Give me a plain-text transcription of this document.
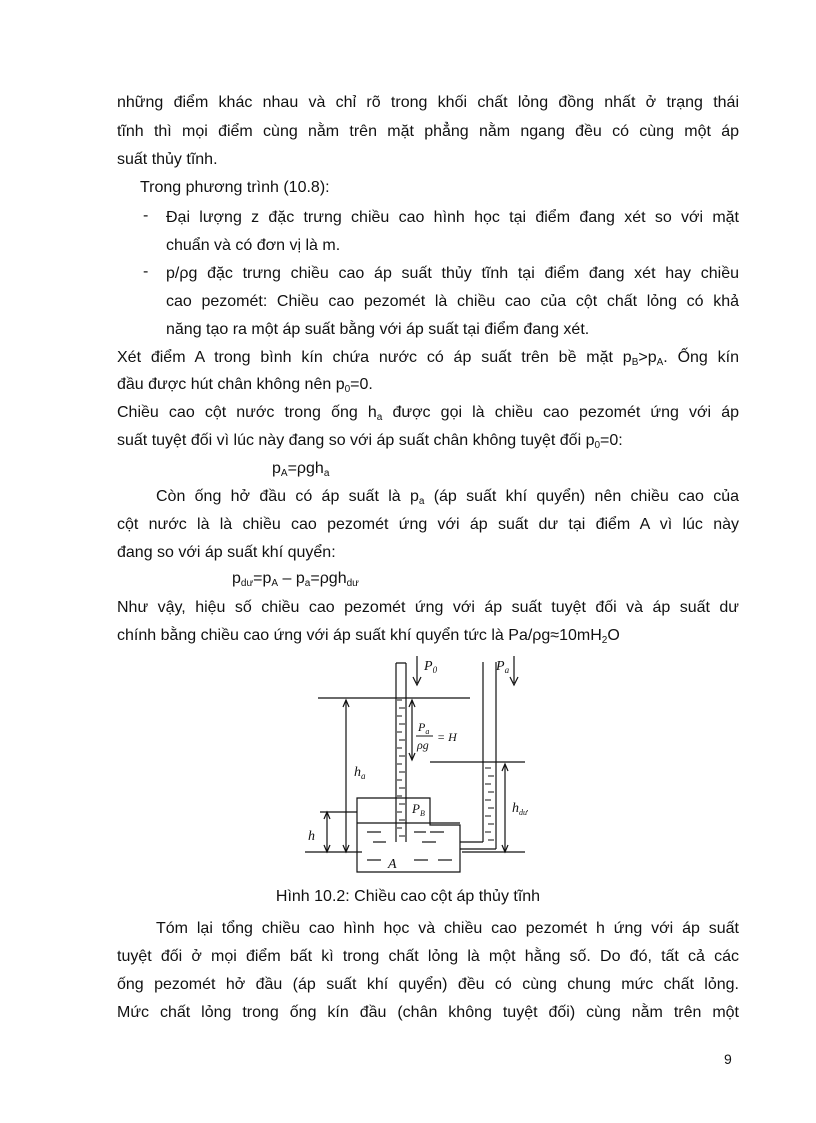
những điểm khác nhau và chỉ rõ trong khối chất lỏng đồng nhất ở trạng thái
tĩnh thì mọi điểm cùng nằm trên mặt phẳng nằm ngang đều có cùng một áp
suất thủy tĩnh.
Trong phương trình (10.8):
- Đại lượng z đặc trưng chiều cao hình học tại điểm đang xét so với mặt
chuẩn và có đơn vị là m.
- p/ρg đặc trưng chiều cao áp suất thủy tĩnh tại điểm đang xét hay chiều
cao pezomét: Chiều cao pezomét là chiều cao của cột chất lỏng có khả
năng tạo ra một áp suất bằng với áp suất tại điểm đang xét.
Xét điểm A trong bình kín chứa nước có áp suất trên bề mặt $p_B>p_A$. Ống kín
đầu được hút chân không nên $p_0=0$.
Chiều cao cột nước trong ống $h_a$ được gọi là chiều cao pezomét ứng với áp
suất tuyệt đối vì lúc này đang so với áp suất chân không tuyệt đối $p_0=0$:
$p_A=\rho gh_a$
Còn ống hở đầu có áp suất là $p_a$ (áp suất khí quyển) nên chiều cao của
cột nước là là chiều cao pezomét ứng với áp suất dư tại điểm A vì lúc này
đang so với áp suất khí quyển:
$p_{dư}=p_A - p_a=\rho gh_{dư}$
Như vậy, hiệu số chiều cao pezomét ứng với áp suất tuyệt đối và áp suất dư
chính bằng chiều cao ứng với áp suất khí quyển tức là $Pa/\rho g\approx 10mH_2O$
$P_0$	$P_a$
$P_a$
ρg
= H
$h_a$
$P_B$	$h_{dư}$
h
A
Hình 10.2: Chiều cao cột áp thủy tĩnh
Tóm lại tổng chiều cao hình học và chiều cao pezomét h ứng với áp suất
tuyệt đối ở mọi điểm bất kì trong chất lỏng là một hằng số. Do đó, tất cả các
ống pezomét hở đầu (áp suất khí quyển) đều có cùng chung mức chất lỏng.
Mức chất lỏng trong ống kín đầu (chân không tuyệt đối) cùng nằm trên một
9
